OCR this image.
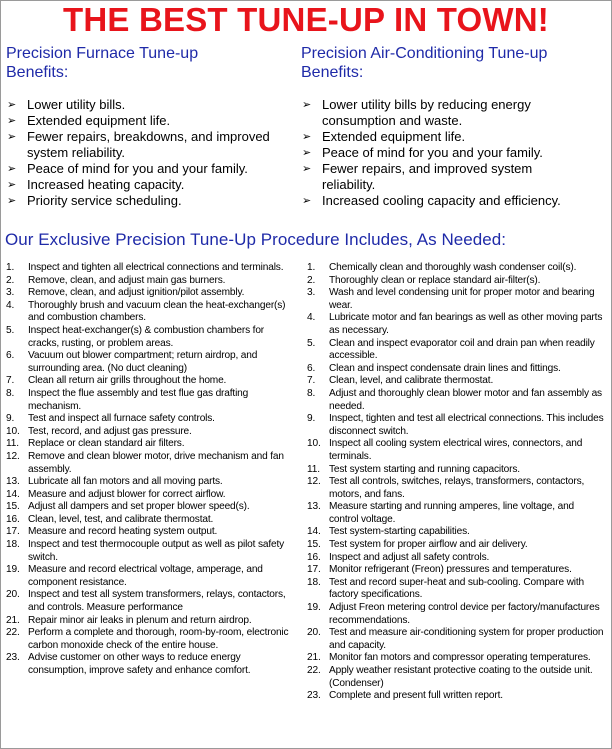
THE BEST TUNE-UP IN TOWN!
Precision Furnace Tune-up Benefits:
➢ Lower utility bills.
➢ Extended equipment life.
➢ Fewer repairs, breakdowns, and improved system reliability.
➢ Peace of mind for you and your family.
➢ Increased heating capacity.
➢ Priority service scheduling.
Precision Air-Conditioning Tune-up Benefits:
➢ Lower utility bills by reducing energy consumption and waste.
➢ Extended equipment life.
➢ Peace of mind for you and your family.
➢ Fewer repairs, and improved system reliability.
➢ Increased cooling capacity and efficiency.
Our Exclusive Precision Tune-Up Procedure Includes, As Needed:
1. Inspect and tighten all electrical connections and terminals.
2. Remove, clean, and adjust main gas burners.
3. Remove, clean, and adjust ignition/pilot assembly.
4. Thoroughly brush and vacuum clean the heat-exchanger(s) and combustion chambers.
5. Inspect heat-exchanger(s) & combustion chambers for cracks, rusting, or problem areas.
6. Vacuum out blower compartment; return airdrop, and surrounding area. (No duct cleaning)
7. Clean all return air grills throughout the home.
8. Inspect the flue assembly and test flue gas drafting mechanism.
9. Test and inspect all furnace safety controls.
10. Test, record, and adjust gas pressure.
11. Replace or clean standard air filters.
12. Remove and clean blower motor, drive mechanism and fan assembly.
13. Lubricate all fan motors and all moving parts.
14. Measure and adjust blower for correct airflow.
15. Adjust all dampers and set proper blower speed(s).
16. Clean, level, test, and calibrate thermostat.
17. Measure and record heating system output.
18. Inspect and test thermocouple output as well as pilot safety switch.
19. Measure and record electrical voltage, amperage, and component resistance.
20. Inspect and test all system transformers, relays, contactors, and controls. Measure performance
21. Repair minor air leaks in plenum and return airdrop.
22. Perform a complete and thorough, room-by-room, electronic carbon monoxide check of the entire house.
23. Advise customer on other ways to reduce energy consumption, improve safety and enhance comfort.
1. Chemically clean and thoroughly wash condenser coil(s).
2. Thoroughly clean or replace standard air-filter(s).
3. Wash and level condensing unit for proper motor and bearing wear.
4. Lubricate motor and fan bearings as well as other moving parts as necessary.
5. Clean and inspect evaporator coil and drain pan when readily accessible.
6. Clean and inspect condensate drain lines and fittings.
7. Clean, level, and calibrate thermostat.
8. Adjust and thoroughly clean blower motor and fan assembly as needed.
9. Inspect, tighten and test all electrical connections. This includes disconnect switch.
10. Inspect all cooling system electrical wires, connectors, and terminals.
11. Test system starting and running capacitors.
12. Test all controls, switches, relays, transformers, contactors, motors, and fans.
13. Measure starting and running amperes, line voltage, and control voltage.
14. Test system-starting capabilities.
15. Test system for proper airflow and air delivery.
16. Inspect and adjust all safety controls.
17. Monitor refrigerant (Freon) pressures and temperatures.
18. Test and record super-heat and sub-cooling. Compare with factory specifications.
19. Adjust Freon metering control device per factory/manufactures recommendations.
20. Test and measure air-conditioning system for proper production and capacity.
21. Monitor fan motors and compressor operating temperatures.
22. Apply weather resistant protective coating to the outside unit. (Condenser)
23. Complete and present full written report.
